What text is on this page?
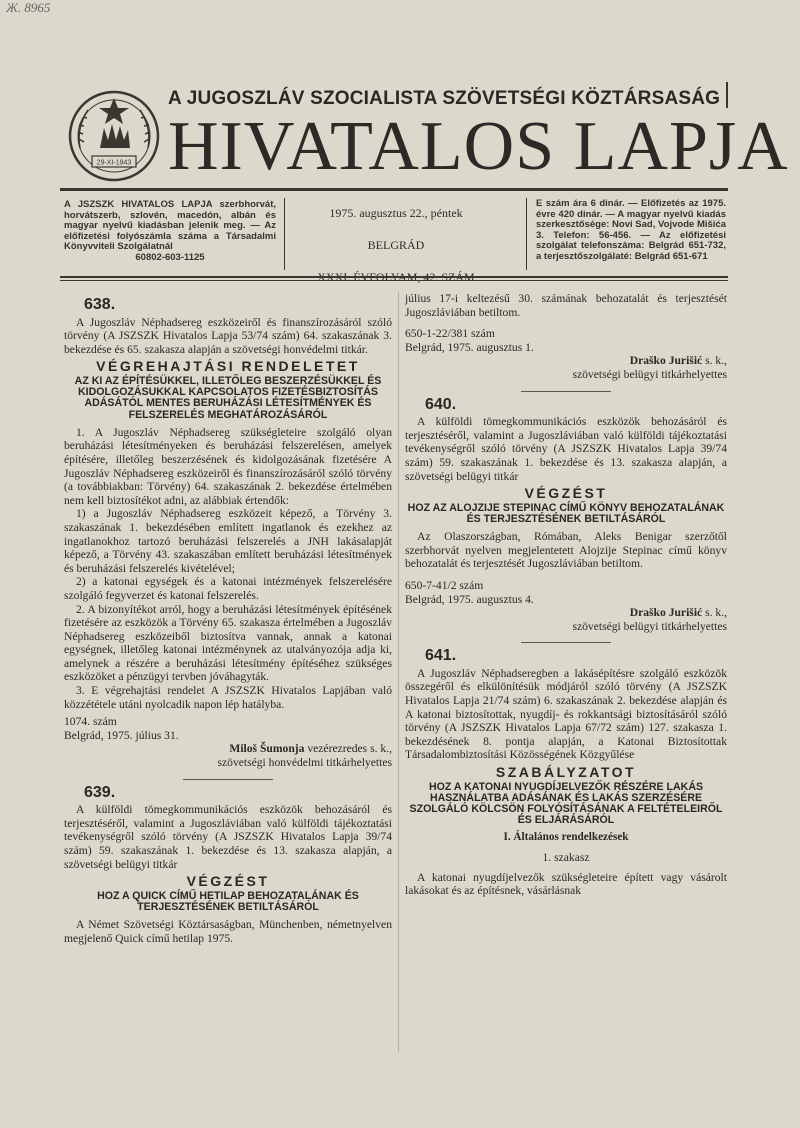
Ж. 8965
29-XI-1943
A JUGOSZLÁV SZOCIALISTA SZÖVETSÉGI KÖZTÁRSASÁG
HIVATALOS LAPJA
A JSZSZK HIVATALOS LAPJA szerbhorvát, horvátszerb, szlovén, macedón, albán és magyar nyelvű kiadásban jelenik meg. — Az előfizetési folyószámla száma a Társadalmi Könyvviteli Szolgálatnál
60802-603-1125
1975. augusztus 22., péntek
BELGRÁD
E szám ára 6 dinár. — Előfizetés az 1975. évre 420 dinár. — A magyar nyelvű kiadás szerkesztősége: Novi Sad, Vojvode Mišića 3. Telefon: 56-456. — Az előfizetési szolgálat telefonszáma: Belgrád 651-732, a terjesztőszolgálaté: Belgrád 651-671
638.

A Jugoszláv Néphadsereg eszközeiről és finanszírozásáról szóló törvény (A JSZSZK Hivatalos Lapja 53/74 szám) 64. szakaszának 3. bekezdése és 65. szakasza alapján a szövetségi honvédelmi titkár.

VÉGREHAJTÁSI RENDELETET
AZ KI AZ ÉPÍTÉSÜKKEL, ILLETŐLEG BESZERZÉSÜKKEL ÉS KIDOLGOZÁSUKKAL KAPCSOLATOS FIZETÉSBIZTOSÍTÁS ADÁSÁTÓL MENTES BERUHÁZÁSI LÉTESÍTMÉNYEK ÉS FELSZERELÉS MEGHATÁROZÁSÁRÓL

1. A Jugoszláv Néphadsereg szükségleteire szolgáló olyan beruházási létesítményeken és beruházási felszerelésen, amelyek építésére, illetőleg beszerzésének és kidolgozásának fizetésére A Jugoszláv Néphadsereg eszközeiről és finanszírozásáról szóló törvény (a továbbiakban: Törvény) 64. szakaszának 2. bekezdése értelmében nem kell biztosítékot adni, az alábbiak értendők:

1) a Jugoszláv Néphadsereg eszközeit képező, a Törvény 3. szakaszának 1. bekezdésében említett ingatlanok és ezekhez az ingatlanokhoz tartozó beruházási felszerelés a JNH lakásalapját képező, a Törvény 43. szakaszában említett beruházási létesítmények és beruházási felszerelés kivételével;

2) a katonai egységek és a katonai intézmények felszerelésére szolgáló fegyverzet és katonai felszerelés.

2. A bizonyítékot arról, hogy a beruházási létesítmények építésének fizetésére az eszközök a Törvény 65. szakasza értelmében a Jugoszláv Néphadsereg eszközeiből biztosítva vannak, annak a katonai egységnek, illetőleg katonai intézménynek az utalványozója adja ki, amelynek a részére a beruházási létesítmény építéséhez szükséges eszközöket a pénzügyi tervben jóváhagyták.

3. E végrehajtási rendelet A JSZSZK Hivatalos Lapjában való közzététele utáni nyolcadik napon lép hatályba.

1074. szám

Belgrád, 1975. július 31.

Miloš Šumonja vezérezredes s. k.,
szövetségi honvédelmi titkárhelyettes
639.

A külföldi tömegkommunikációs eszközök behozásáról és terjesztéséről, valamint a Jugoszláviában való külföldi tájékoztatási tevékenységről szóló törvény (A JSZSZK Hivatalos Lapja 39/74 szám) 59. szakaszának 1. bekezdése és 13. szakasza alapján, a szövetségi belügyi titkár

VÉGZÉST
HOZ A QUICK CÍMŰ HETILAP BEHOZATALÁNAK ÉS TERJESZTÉSÉNEK BETILTÁSÁRÓL

A Német Szövetségi Köztársaságban, Münchenben, németnyelven megjelenő Quick című hetilap 1975.

július 17-i keltezésű 30. számának behozatalát és terjesztését Jugoszláviában betiltom.

650-1-22/381 szám

Belgrád, 1975. augusztus 1.

Draško Jurišić s. k.,
szövetségi belügyi titkárhelyettes
640.

A külföldi tömegkommunikációs eszközök behozásáról és terjesztéséről, valamint a Jugoszláviában való külföldi tájékoztatási tevékenységről szóló törvény (A JSZSZK Hivatalos Lapja 39/74 szám) 59. szakaszának 1. bekezdése és 13. szakasza alapján, a szövetségi belügyi titkár

VÉGZÉST
HOZ AZ ALOJZIJE STEPINAC CÍMŰ KÖNYV BEHOZATALÁNAK ÉS TERJESZTÉSÉNEK BETILTÁSÁRÓL

Az Olaszországban, Rómában, Aleks Benigar szerzőtől szerbhorvát nyelven megjelentetett Alojzije Stepinac című könyv behozatalát és terjesztését Jugoszláviában betiltom.

650-7-41/2 szám

Belgrád, 1975. augusztus 4.

Draško Jurišić s. k.,
szövetségi belügyi titkárhelyettes
641.

A Jugoszláv Néphadseregben a lakásépítésre szolgáló eszközök összegéről és elkülönítésük módjáról szóló törvény (A JSZSZK Hivatalos Lapja 21/74 szám) 6. szakaszának 2. bekezdése alapján és A katonai biztosítottak, nyugdíj- és rokkantsági biztosításáról szóló törvény (A JSZSZK Hivatalos Lapja 67/72 szám) 127. szakasza 1. bekezdésének 8. pontja alapján, a Katonai Biztosítottak Társadalombiztosítási Közösségének Közgyűlése

SZABÁLYZATOT
HOZ A KATONAI NYUGDÍJELVEZŐK RÉSZÉRE LAKÁS HASZNÁLATBA ADÁSÁNAK ÉS LAKÁS SZERZÉSÉRE SZOLGÁLÓ KÖLCSÖN FOLYÓSÍTÁSÁNAK A FELTÉTELEIRŐL ÉS ELJÁRÁSÁRÓL
I. Általános rendelkezések
1. szakasz

A katonai nyugdíjelvezők szükségleteire épített vagy vásárolt lakásokat és az építésnek, vásárlásnak
